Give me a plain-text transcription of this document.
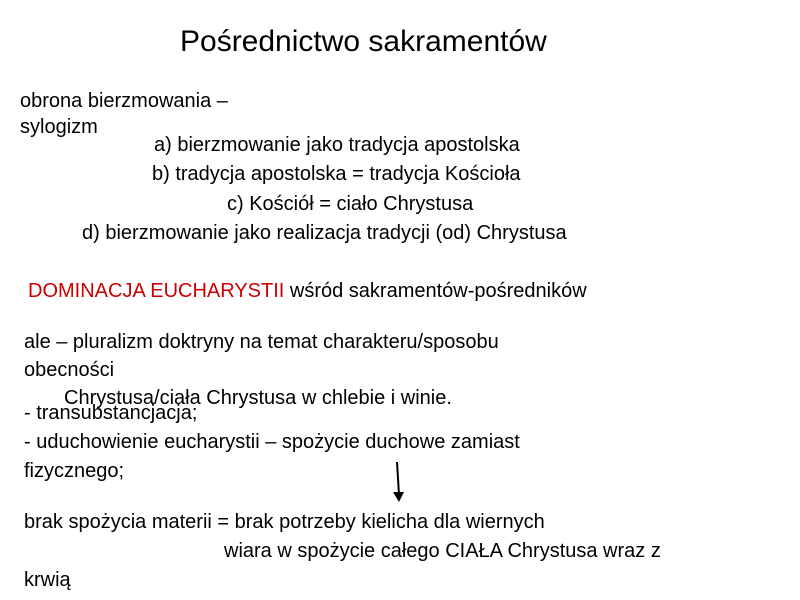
Pośrednictwo sakramentów
obrona bierzmowania –
sylogizm
a) bierzmowanie jako tradycja apostolska
b) tradycja apostolska = tradycja Kościoła
c) Kościół = ciało Chrystusa
d) bierzmowanie jako realizacja tradycji (od) Chrystusa
DOMINACJA EUCHARYSTII wśród sakramentów-pośredników
ale – pluralizm doktryny na temat charakteru/sposobu
obecności
Chrystusa/ciała Chrystusa w chlebie i winie.
- transubstancjacja;
- uduchowienie eucharystii – spożycie duchowe zamiast
fizycznego;
brak spożycia materii = brak potrzeby kielicha dla wiernych
wiara w spożycie całego CIAŁA Chrystusa wraz z
krwią
